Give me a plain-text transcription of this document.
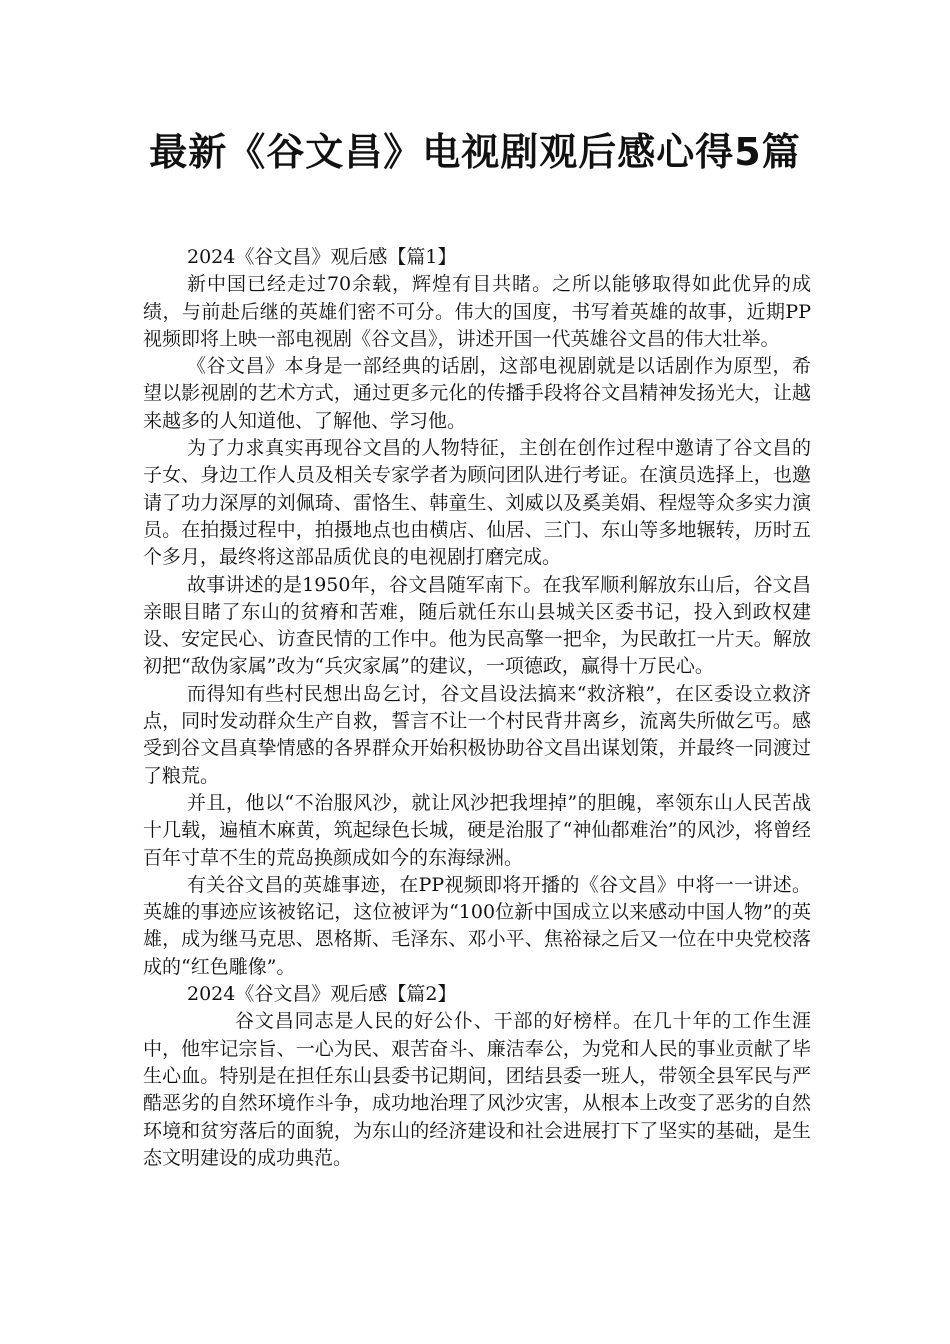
最新《谷文昌》电视剧观后感心得5篇

2024《谷文昌》观后感【篇1】

新中国已经走过70余载，辉煌有目共睹。之所以能够取得如此优异的成绩，与前赴后继的英雄们密不可分。伟大的国度，书写着英雄的故事，近期PP视频即将上映一部电视剧《谷文昌》，讲述开国一代英雄谷文昌的伟大壮举。

《谷文昌》本身是一部经典的话剧，这部电视剧就是以话剧作为原型，希望以影视剧的艺术方式，通过更多元化的传播手段将谷文昌精神发扬光大，让越来越多的人知道他、了解他、学习他。

为了力求真实再现谷文昌的人物特征，主创在创作过程中邀请了谷文昌的子女、身边工作人员及相关专家学者为顾问团队进行考证。在演员选择上，也邀请了功力深厚的刘佩琦、雷恪生、韩童生、刘威以及奚美娟、程煜等众多实力演员。在拍摄过程中，拍摄地点也由横店、仙居、三门、东山等多地辗转，历时五个多月，最终将这部品质优良的电视剧打磨完成。

故事讲述的是1950年，谷文昌随军南下。在我军顺利解放东山后，谷文昌亲眼目睹了东山的贫瘠和苦难，随后就任东山县城关区委书记，投入到政权建设、安定民心、访查民情的工作中。他为民高擎一把伞，为民敢扛一片天。解放初把“敌伪家属”改为“兵灾家属”的建议，一项德政，赢得十万民心。

而得知有些村民想出岛乞讨，谷文昌设法搞来“救济粮”，在区委设立救济点，同时发动群众生产自救，誓言不让一个村民背井离乡，流离失所做乞丐。感受到谷文昌真挚情感的各界群众开始积极协助谷文昌出谋划策，并最终一同渡过了粮荒。

并且，他以“不治服风沙，就让风沙把我埋掉”的胆魄，率领东山人民苦战十几载，遍植木麻黄，筑起绿色长城，硬是治服了“神仙都难治”的风沙，将曾经百年寸草不生的荒岛换颜成如今的东海绿洲。

有关谷文昌的英雄事迹，在PP视频即将开播的《谷文昌》中将一一讲述。英雄的事迹应该被铭记，这位被评为“100位新中国成立以来感动中国人物”的英雄，成为继马克思、恩格斯、毛泽东、邓小平、焦裕禄之后又一位在中央党校落成的“红色雕像”。

2024《谷文昌》观后感【篇2】

谷文昌同志是人民的好公仆、干部的好榜样。在几十年的工作生涯中，他牢记宗旨、一心为民、艰苦奋斗、廉洁奉公，为党和人民的事业贡献了毕生心血。特别是在担任东山县委书记期间，团结县委一班人，带领全县军民与严酷恶劣的自然环境作斗争，成功地治理了风沙灾害，从根本上改变了恶劣的自然环境和贫穷落后的面貌，为东山的经济建设和社会进展打下了坚实的基础，是生态文明建设的成功典范。
